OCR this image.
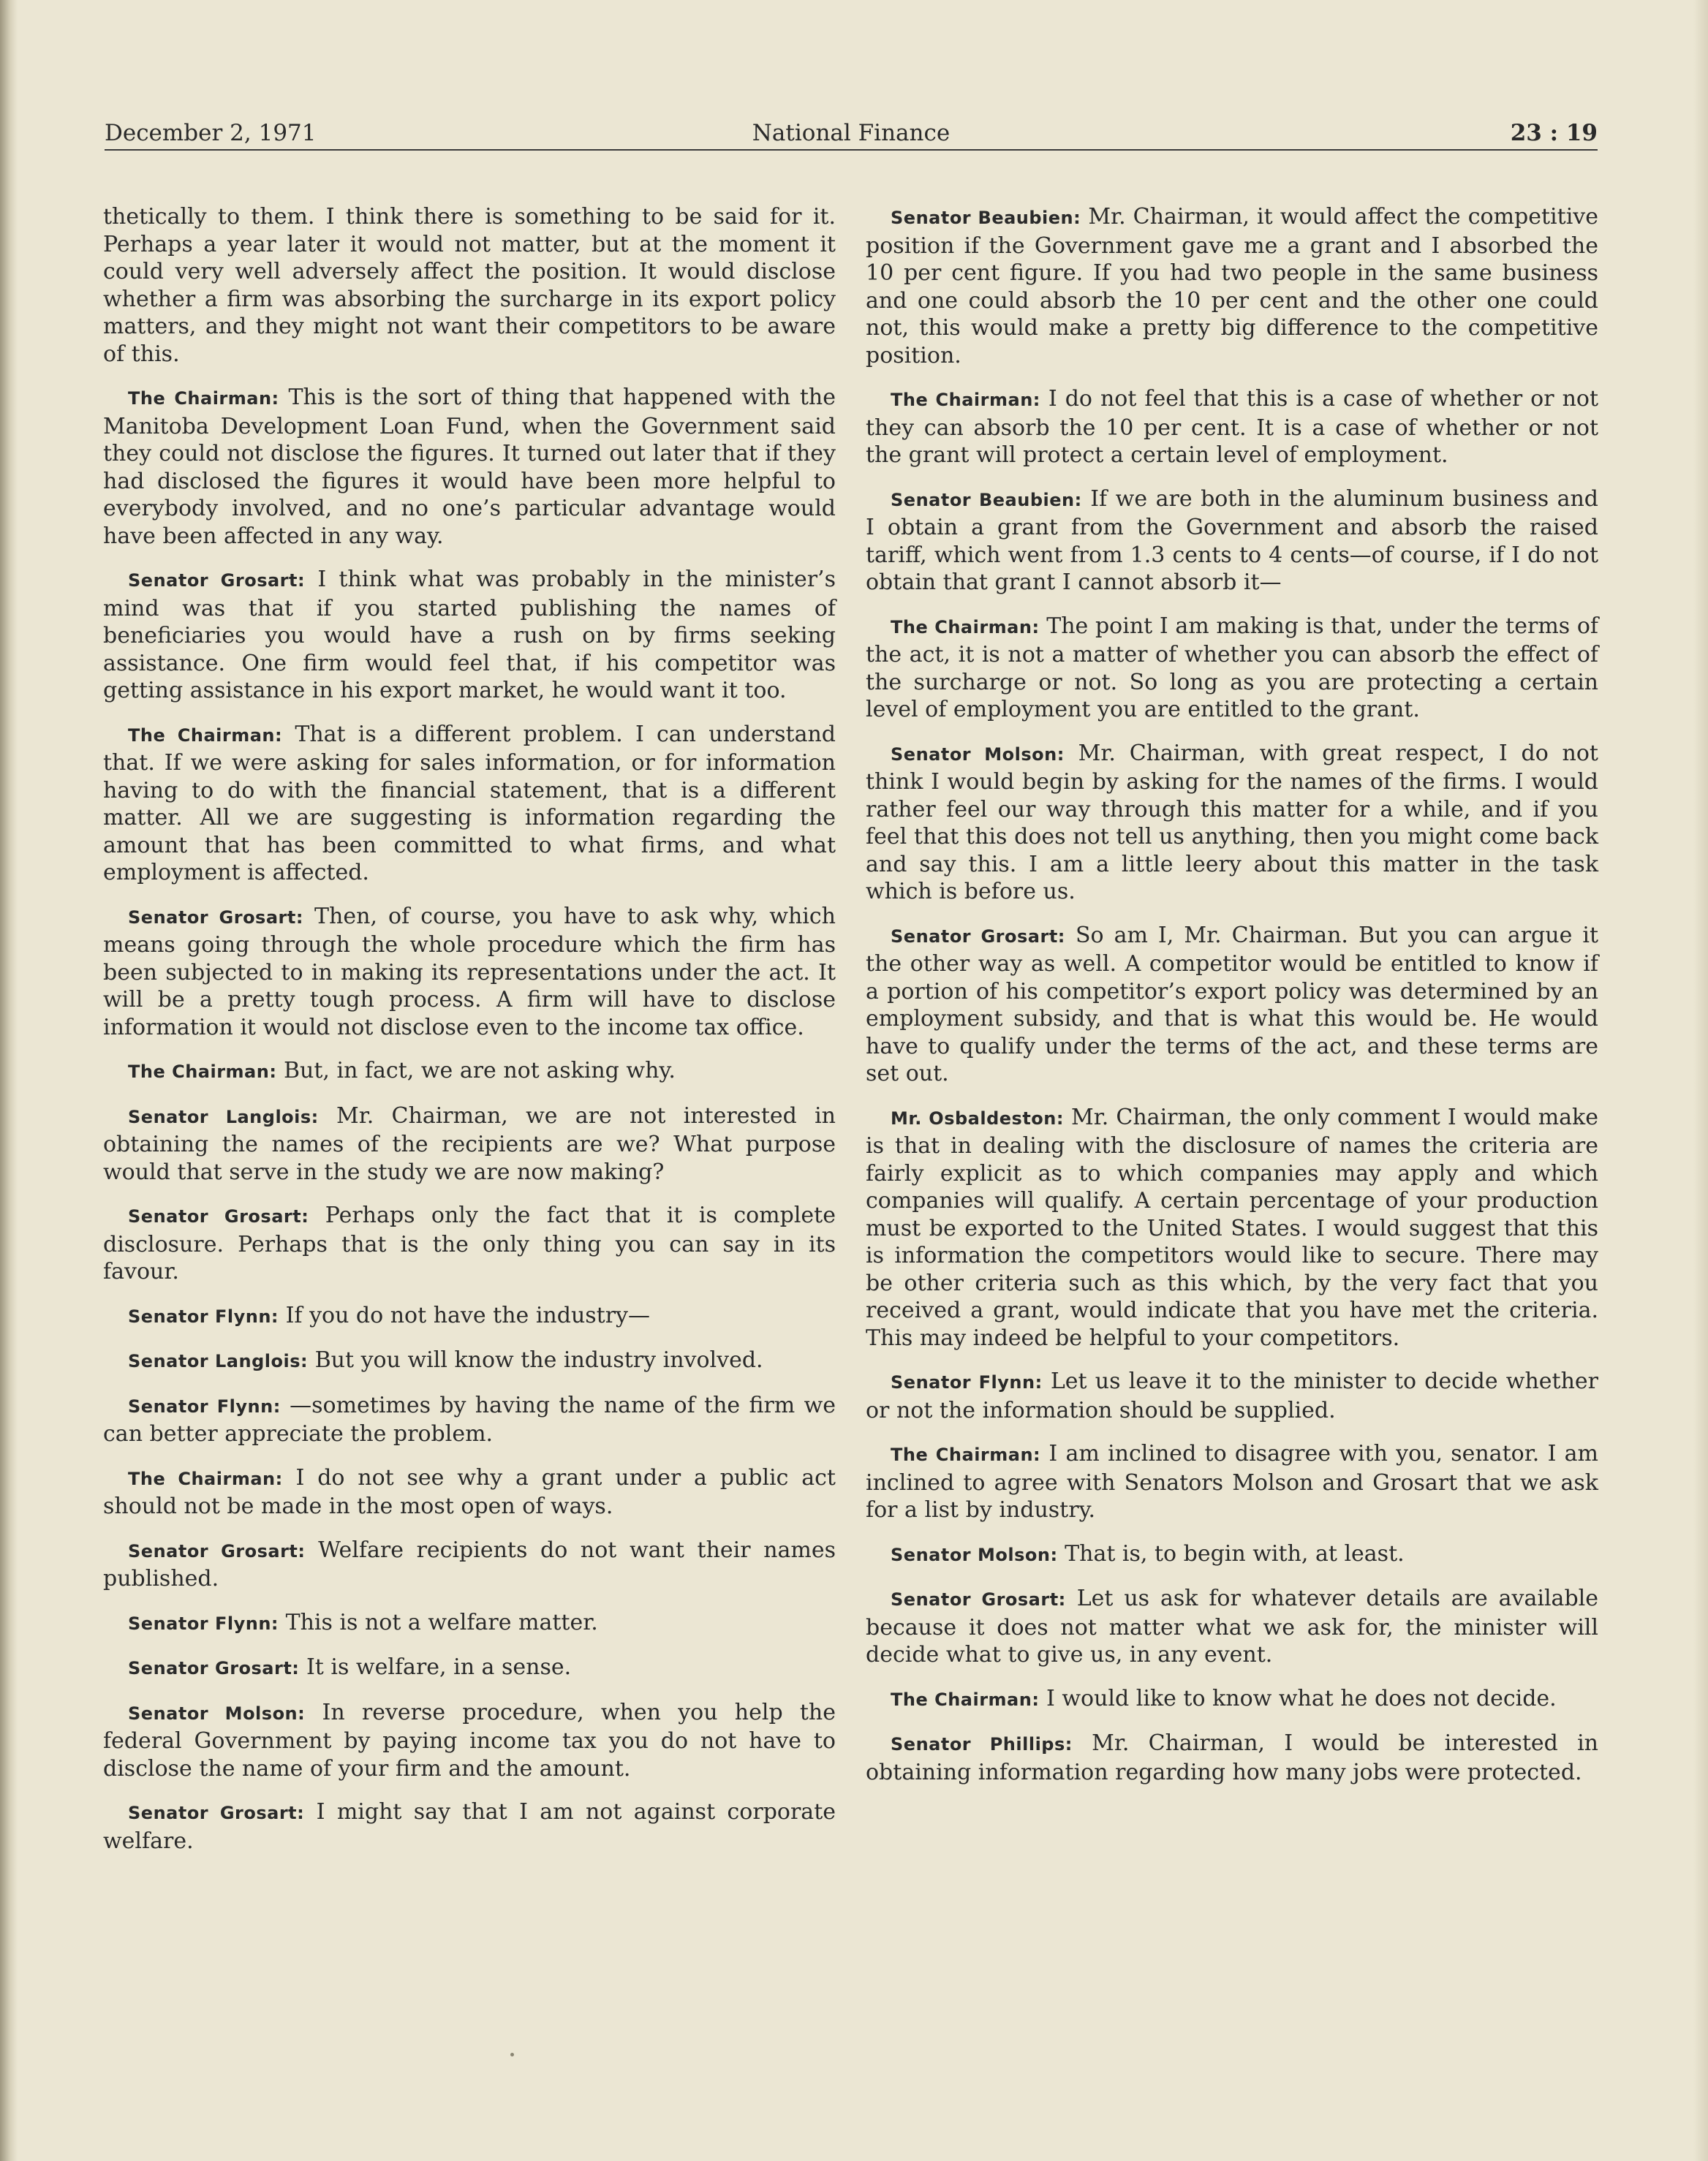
December 2, 1971	National Finance	23 : 19

thetically to them. I think there is something to be said for it. Perhaps a year later it would not matter, but at the moment it could very well adversely affect the position. It would disclose whether a firm was absorbing the surcharge in its export policy matters, and they might not want their competitors to be aware of this.

The Chairman: This is the sort of thing that happened with the Manitoba Development Loan Fund, when the Government said they could not disclose the figures. It turned out later that if they had disclosed the figures it would have been more helpful to everybody involved, and no one’s particular advantage would have been affected in any way.

Senator Grosart: I think what was probably in the minister’s mind was that if you started publishing the names of beneficiaries you would have a rush on by firms seeking assistance. One firm would feel that, if his competitor was getting assistance in his export market, he would want it too.

The Chairman: That is a different problem. I can understand that. If we were asking for sales information, or for information having to do with the financial statement, that is a different matter. All we are suggesting is information regarding the amount that has been committed to what firms, and what employment is affected.

Senator Grosart: Then, of course, you have to ask why, which means going through the whole procedure which the firm has been subjected to in making its representations under the act. It will be a pretty tough process. A firm will have to disclose information it would not disclose even to the income tax office.

The Chairman: But, in fact, we are not asking why.

Senator Langlois: Mr. Chairman, we are not interested in obtaining the names of the recipients are we? What purpose would that serve in the study we are now making?

Senator Grosart: Perhaps only the fact that it is complete disclosure. Perhaps that is the only thing you can say in its favour.

Senator Flynn: If you do not have the industry—

Senator Langlois: But you will know the industry involved.

Senator Flynn: —sometimes by having the name of the firm we can better appreciate the problem.

The Chairman: I do not see why a grant under a public act should not be made in the most open of ways.

Senator Grosart: Welfare recipients do not want their names published.

Senator Flynn: This is not a welfare matter.

Senator Grosart: It is welfare, in a sense.

Senator Molson: In reverse procedure, when you help the federal Government by paying income tax you do not have to disclose the name of your firm and the amount.

Senator Grosart: I might say that I am not against corporate welfare.

Senator Beaubien: Mr. Chairman, it would affect the competitive position if the Government gave me a grant and I absorbed the 10 per cent figure. If you had two people in the same business and one could absorb the 10 per cent and the other one could not, this would make a pretty big difference to the competitive position.

The Chairman: I do not feel that this is a case of whether or not they can absorb the 10 per cent. It is a case of whether or not the grant will protect a certain level of employment.

Senator Beaubien: If we are both in the aluminum business and I obtain a grant from the Government and absorb the raised tariff, which went from 1.3 cents to 4 cents—of course, if I do not obtain that grant I cannot absorb it—

The Chairman: The point I am making is that, under the terms of the act, it is not a matter of whether you can absorb the effect of the surcharge or not. So long as you are protecting a certain level of employment you are entitled to the grant.

Senator Molson: Mr. Chairman, with great respect, I do not think I would begin by asking for the names of the firms. I would rather feel our way through this matter for a while, and if you feel that this does not tell us anything, then you might come back and say this. I am a little leery about this matter in the task which is before us.

Senator Grosart: So am I, Mr. Chairman. But you can argue it the other way as well. A competitor would be entitled to know if a portion of his competitor’s export policy was determined by an employment subsidy, and that is what this would be. He would have to qualify under the terms of the act, and these terms are set out.

Mr. Osbaldeston: Mr. Chairman, the only comment I would make is that in dealing with the disclosure of names the criteria are fairly explicit as to which companies may apply and which companies will qualify. A certain percentage of your production must be exported to the United States. I would suggest that this is information the competitors would like to secure. There may be other criteria such as this which, by the very fact that you received a grant, would indicate that you have met the criteria. This may indeed be helpful to your competitors.

Senator Flynn: Let us leave it to the minister to decide whether or not the information should be supplied.

The Chairman: I am inclined to disagree with you, senator. I am inclined to agree with Senators Molson and Grosart that we ask for a list by industry.

Senator Molson: That is, to begin with, at least.

Senator Grosart: Let us ask for whatever details are available because it does not matter what we ask for, the minister will decide what to give us, in any event.

The Chairman: I would like to know what he does not decide.

Senator Phillips: Mr. Chairman, I would be interested in obtaining information regarding how many jobs were protected.
